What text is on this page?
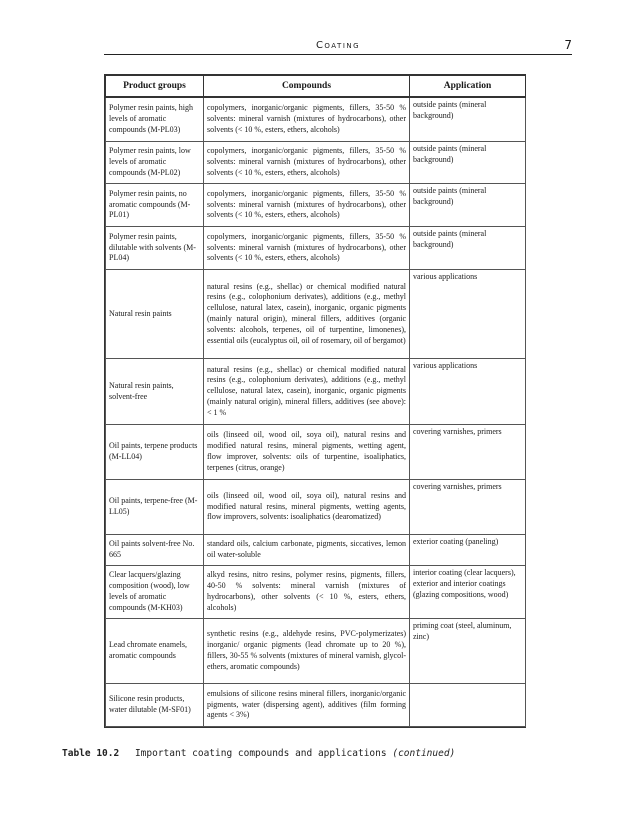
Coating	7
Product groups	Compounds	Application
Polymer resin paints, high levels of aromatic compounds (M-PL03)	copolymers, inorganic/organic pigments, fillers, 35-50 % solvents: mineral varnish (mixtures of hydrocarbons), other solvents (< 10 %, esters, ethers, alcohols)	outside paints (mineral background)
Polymer resin paints, low levels of aromatic compounds (M-PL02)	copolymers, inorganic/organic pigments, fillers, 35-50 % solvents: mineral varnish (mixtures of hydrocarbons), other solvents (< 10 %, esters, ethers, alcohols)	outside paints (mineral background)
Polymer resin paints, no aromatic compounds (M-PL01)	copolymers, inorganic/organic pigments, fillers, 35-50 % solvents: mineral varnish (mixtures of hydrocarbons), other solvents (< 10 %, esters, ethers, alcohols)	outside paints (mineral background)
Polymer resin paints, dilutable with solvents (M-PL04)	copolymers, inorganic/organic pigments, fillers, 35-50 % solvents: mineral varnish (mixtures of hydrocarbons), other solvents (< 10 %, esters, ethers, alcohols)	outside paints (mineral background)
Natural resin paints	natural resins (e.g., shellac) or chemical modified natural resins (e.g., colophonium derivates), additions (e.g., methyl cellulose, natural latex, casein), inorganic, organic pigments (mainly natural origin), mineral fillers, additives (organic solvents: alcohols, terpenes, oil of turpentine, limonenes), essential oils (eucalyptus oil, oil of rosemary, oil of bergamot)	various applications
Natural resin paints, solvent-free	natural resins (e.g., shellac) or chemical modified natural resins (e.g., colophonium derivates), additions (e.g., methyl cellulose, natural latex, casein), inorganic, organic pigments (mainly natural origin), mineral fillers, additives (see above): < 1 %	various applications
Oil paints, terpene products (M-LL04)	oils (linseed oil, wood oil, soya oil), natural resins and modified natural resins, mineral pigments, wetting agent, flow improver, solvents: oils of turpentine, isoaliphatics, terpenes (citrus, orange)	covering varnishes, primers
Oil paints, terpene-free (M-LL05)	oils (linseed oil, wood oil, soya oil), natural resins and modified natural resins, mineral pigments, wetting agents, flow improvers, solvents: isoaliphatics (dearomatized)	covering varnishes, primers
Oil paints solvent-free No. 665	standard oils, calcium carbonate, pigments, siccatives, lemon oil water-soluble	exterior coating (paneling)
Clear lacquers/glazing composition (wood), low levels of aromatic compounds (M-KH03)	alkyd resins, nitro resins, polymer resins, pigments, fillers, 40-50 % solvents: mineral varnish (mixtures of hydrocarbons), other solvents (< 10 %, esters, ethers, alcohols)	interior coating (clear lacquers), exterior and interior coatings (glazing compositions, wood)
Lead chromate enamels, aromatic compounds	synthetic resins (e.g., aldehyde resins, PVC-polymerizates) inorganic/ organic pigments (lead chromate up to 20 %), fillers, 30-55 % solvents (mixtures of mineral varnish, glycol-ethers, aromatic compounds)	priming coat (steel, aluminum, zinc)
Silicone resin products, water dilutable (M-SF01)	emulsions of silicone resins mineral fillers, inorganic/organic pigments, water (dispersing agent), additives (film forming agents < 3%)	
Table 10.2 Important coating compounds and applications (continued)
